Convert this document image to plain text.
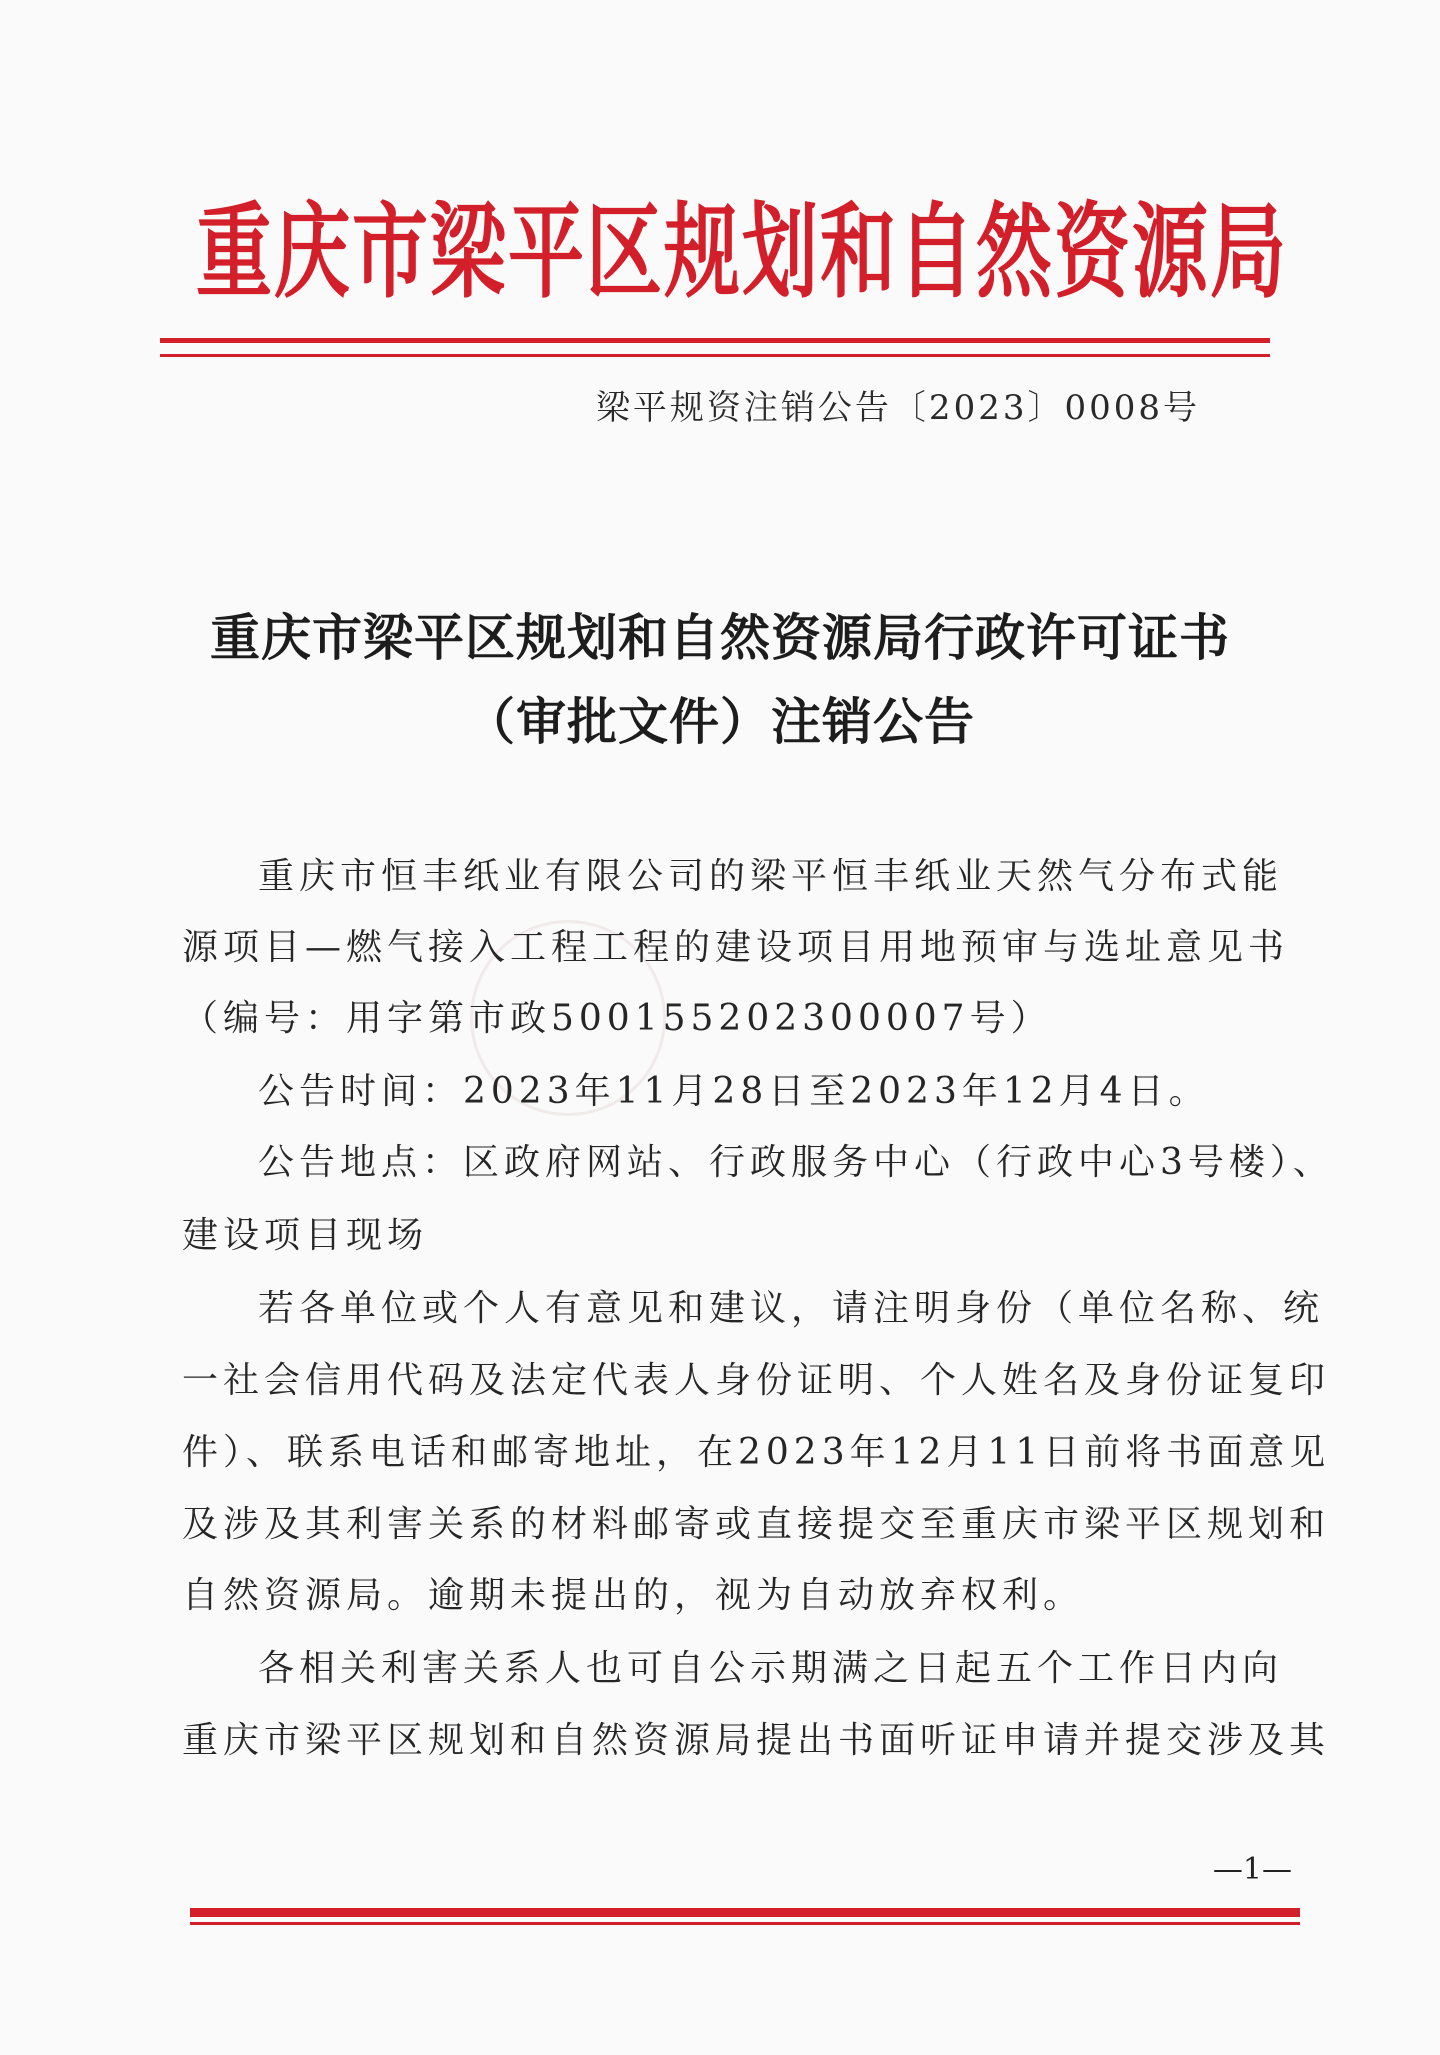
重庆市梁平区规划和自然资源局
梁平规资注销公告〔2023〕0008号
重庆市梁平区规划和自然资源局行政许可证书
（审批文件）注销公告
重庆市恒丰纸业有限公司的梁平恒丰纸业天然气分布式能
源项目—燃气接入工程工程的建设项目用地预审与选址意见书
（编号：用字第市政500155202300007号）
公告时间：2023年11月28日至2023年12月4日。
公告地点：区政府网站、行政服务中心（行政中心3号楼）、
建设项目现场
若各单位或个人有意见和建议，请注明身份（单位名称、统
一社会信用代码及法定代表人身份证明、个人姓名及身份证复印
件）、联系电话和邮寄地址，在2023年12月11日前将书面意见
及涉及其利害关系的材料邮寄或直接提交至重庆市梁平区规划和
自然资源局。逾期未提出的，视为自动放弃权利。
各相关利害关系人也可自公示期满之日起五个工作日内向
重庆市梁平区规划和自然资源局提出书面听证申请并提交涉及其
—1—
